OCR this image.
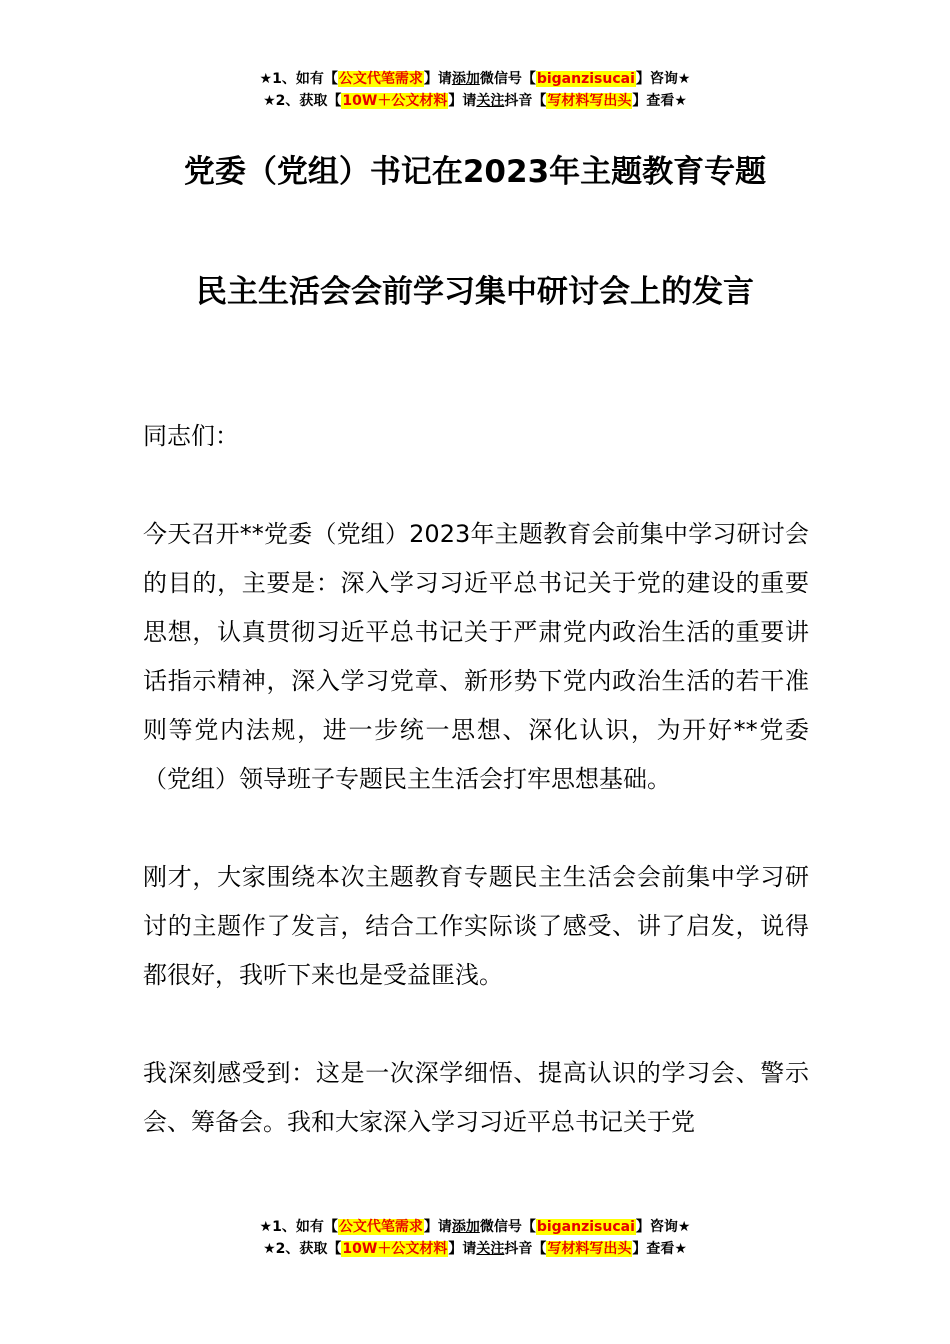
★1、如有【公文代笔需求】请添加微信号【biganzisucai】咨询★
★2、获取【10W＋公文材料】请关注抖音【写材料写出头】查看★
党委（党组）书记在2023年主题教育专题
民主生活会会前学习集中研讨会上的发言

同志们：

今天召开**党委（党组）2023年主题教育会前集中学习研讨会的目的，主要是：深入学习习近平总书记关于党的建设的重要思想，认真贯彻习近平总书记关于严肃党内政治生活的重要讲话指示精神，深入学习党章、新形势下党内政治生活的若干准则等党内法规，进一步统一思想、深化认识，为开好**党委（党组）领导班子专题民主生活会打牢思想基础。

刚才，大家围绕本次主题教育专题民主生活会会前集中学习研讨的主题作了发言，结合工作实际谈了感受、讲了启发，说得都很好，我听下来也是受益匪浅。

我深刻感受到：这是一次深学细悟、提高认识的学习会、警示会、筹备会。我和大家深入学习习近平总书记关于党

★1、如有【公文代笔需求】请添加微信号【biganzisucai】咨询★
★2、获取【10W＋公文材料】请关注抖音【写材料写出头】查看★
